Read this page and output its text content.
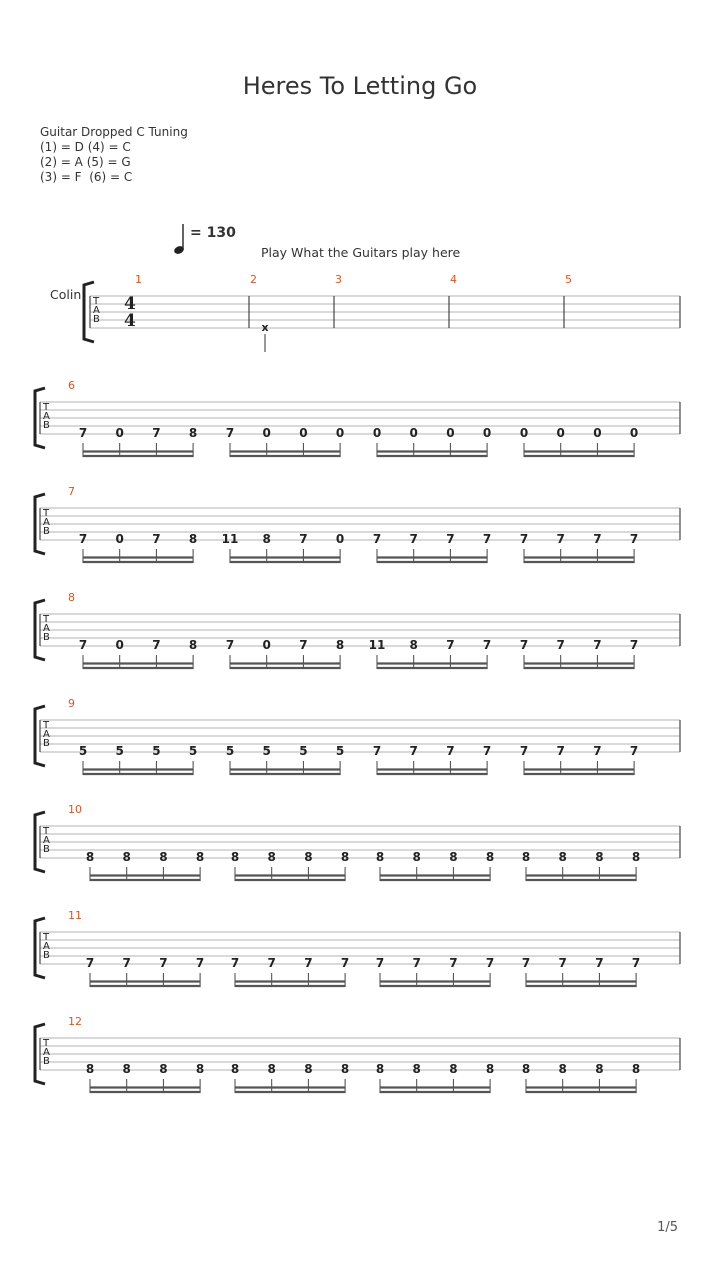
Heres To Letting Go
Guitar Dropped C Tuning
(1) = D (4) = C
(2) = A (5) = G
(3) = F  (6) = C
= 130
Play What the Guitars play here
Colin T
A
B
4
4
1	2	3	4	5
x
T
A
B
6
7 0 7 8 7 0 0 0 0 0 0 0 0 0 0 0
T
A
B
7
7 0 7 8 11 8 7 0 7 7 7 7 7 7 7 7
T
A
B
8
7 0 7 8 7 0 7 8 11 8 7 7 7 7 7 7
T
A
B
9
5 5 5 5 5 5 5 5 7 7 7 7 7 7 7 7
T
A
B
10
8 8 8 8 8 8 8 8 8 8 8 8 8 8 8 8
T
A
B
11
7 7 7 7 7 7 7 7 7 7 7 7 7 7 7 7
T
A
B
12
8 8 8 8 8 8 8 8 8 8 8 8 8 8 8 8
1/5
